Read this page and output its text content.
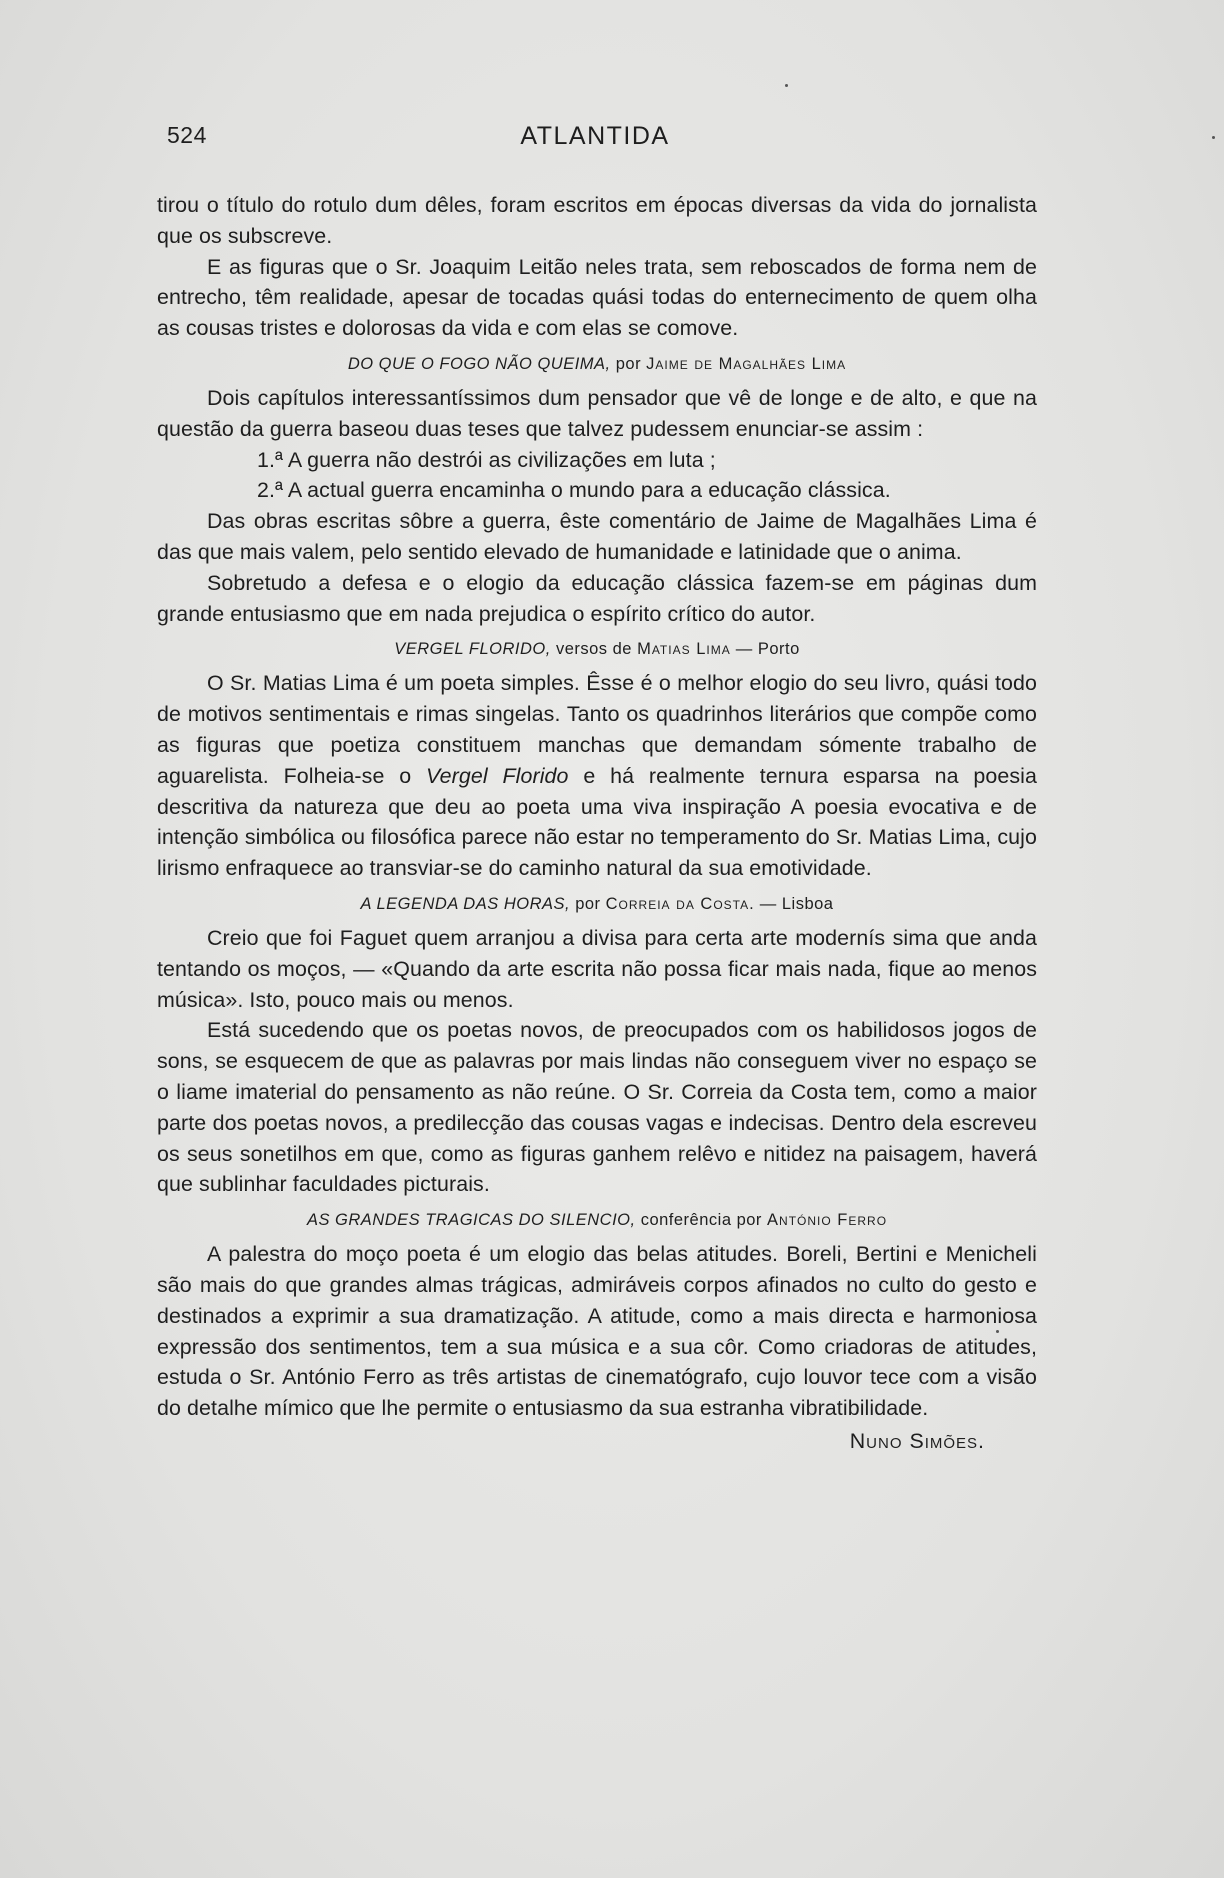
524	ATLANTIDA

tirou o título do rotulo dum dêles, foram escritos em épocas diversas da vida do jornalista que os subscreve.

E as figuras que o Sr. Joaquim Leitão neles trata, sem reboscados de forma nem de entrecho, têm realidade, apesar de tocadas quási todas do enternecimento de quem olha as cousas tristes e dolorosas da vida e com elas se comove.

DO QUE O FOGO NÃO QUEIMA, por Jaime de Magalhães Lima

Dois capítulos interessantíssimos dum pensador que vê de longe e de alto, e que na questão da guerra baseou duas teses que talvez pudessem enunciar-se assim :

1.ª A guerra não destrói as civilizações em luta ;

2.ª A actual guerra encaminha o mundo para a educação clássica.

Das obras escritas sôbre a guerra, êste comentário de Jaime de Magalhães Lima é das que mais valem, pelo sentido elevado de humanidade e latinidade que o anima.

Sobretudo a defesa e o elogio da educação clássica fazem-se em páginas dum grande entusiasmo que em nada prejudica o espírito crítico do autor.

VERGEL FLORIDO, versos de Matias Lima — Porto

O Sr. Matias Lima é um poeta simples. Êsse é o melhor elogio do seu livro, quási todo de motivos sentimentais e rimas singelas. Tanto os quadrinhos literários que compõe como as figuras que poetiza constituem manchas que demandam sómente trabalho de aguarelista. Folheia-se o Vergel Florido e há realmente ternura esparsa na poesia descritiva da natureza que deu ao poeta uma viva inspiração A poesia evocativa e de intenção simbólica ou filosófica parece não estar no temperamento do Sr. Matias Lima, cujo lirismo enfraquece ao transviar-se do caminho natural da sua emotividade.

A LEGENDA DAS HORAS, por Correia da Costa. — Lisboa

Creio que foi Faguet quem arranjou a divisa para certa arte modernís sima que anda tentando os moços, — «Quando da arte escrita não possa ficar mais nada, fique ao menos música». Isto, pouco mais ou menos.

Está sucedendo que os poetas novos, de preocupados com os habilidosos jogos de sons, se esquecem de que as palavras por mais lindas não conseguem viver no espaço se o liame imaterial do pensamento as não reúne. O Sr. Correia da Costa tem, como a maior parte dos poetas novos, a predilecção das cousas vagas e indecisas. Dentro dela escreveu os seus sonetilhos em que, como as figuras ganhem relêvo e nitidez na paisagem, haverá que sublinhar faculdades picturais.

AS GRANDES TRAGICAS DO SILENCIO, conferência por António Ferro

A palestra do moço poeta é um elogio das belas atitudes. Boreli, Bertini e Menicheli são mais do que grandes almas trágicas, admiráveis corpos afinados no culto do gesto e destinados a exprimir a sua dramatização. A atitude, como a mais directa e harmoniosa expressão dos sentimentos, tem a sua música e a sua côr. Como criadoras de atitudes, estuda o Sr. António Ferro as três artistas de cinematógrafo, cujo louvor tece com a visão do detalhe mímico que lhe permite o entusiasmo da sua estranha vibratibilidade.

Nuno Simões.
